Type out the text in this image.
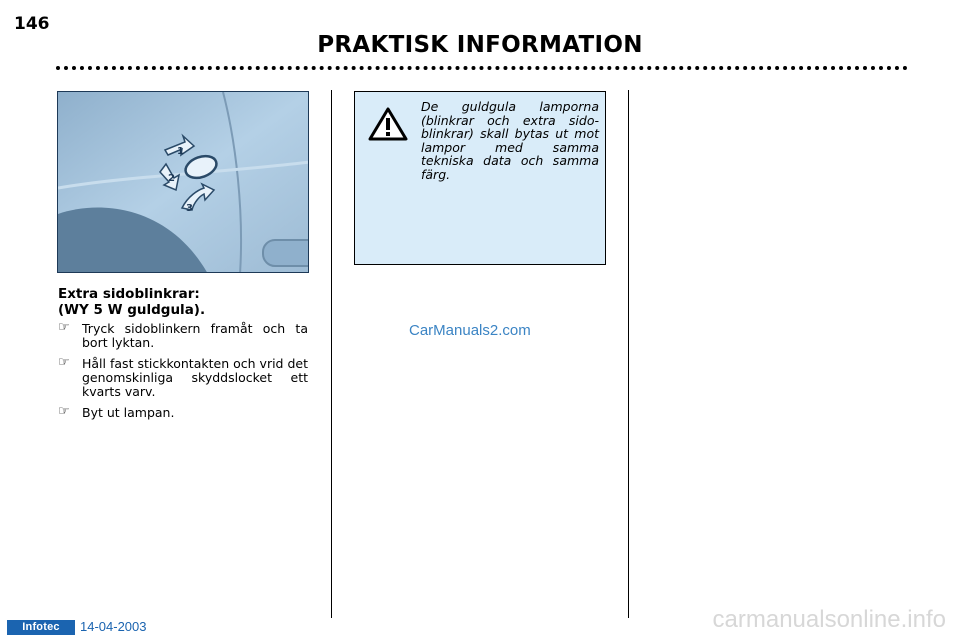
146
PRAKTISK INFORMATION
1
2
3
Extra sidoblinkrar:
(WY 5 W guldgula).
☞ Tryck sidoblinkern framåt och ta bort lyktan.
☞ Håll fast stickkontakten och vrid det genomskinliga skyddslocket ett kvarts varv.
☞ Byt ut lampan.
De guldgula lamporna (blinkrar och extra sido-blinkrar) skall bytas ut mot lampor med samma tekniska data och samma färg.
CarManuals2.com
Infotec	14-04-2003	carmanualsonline.info
